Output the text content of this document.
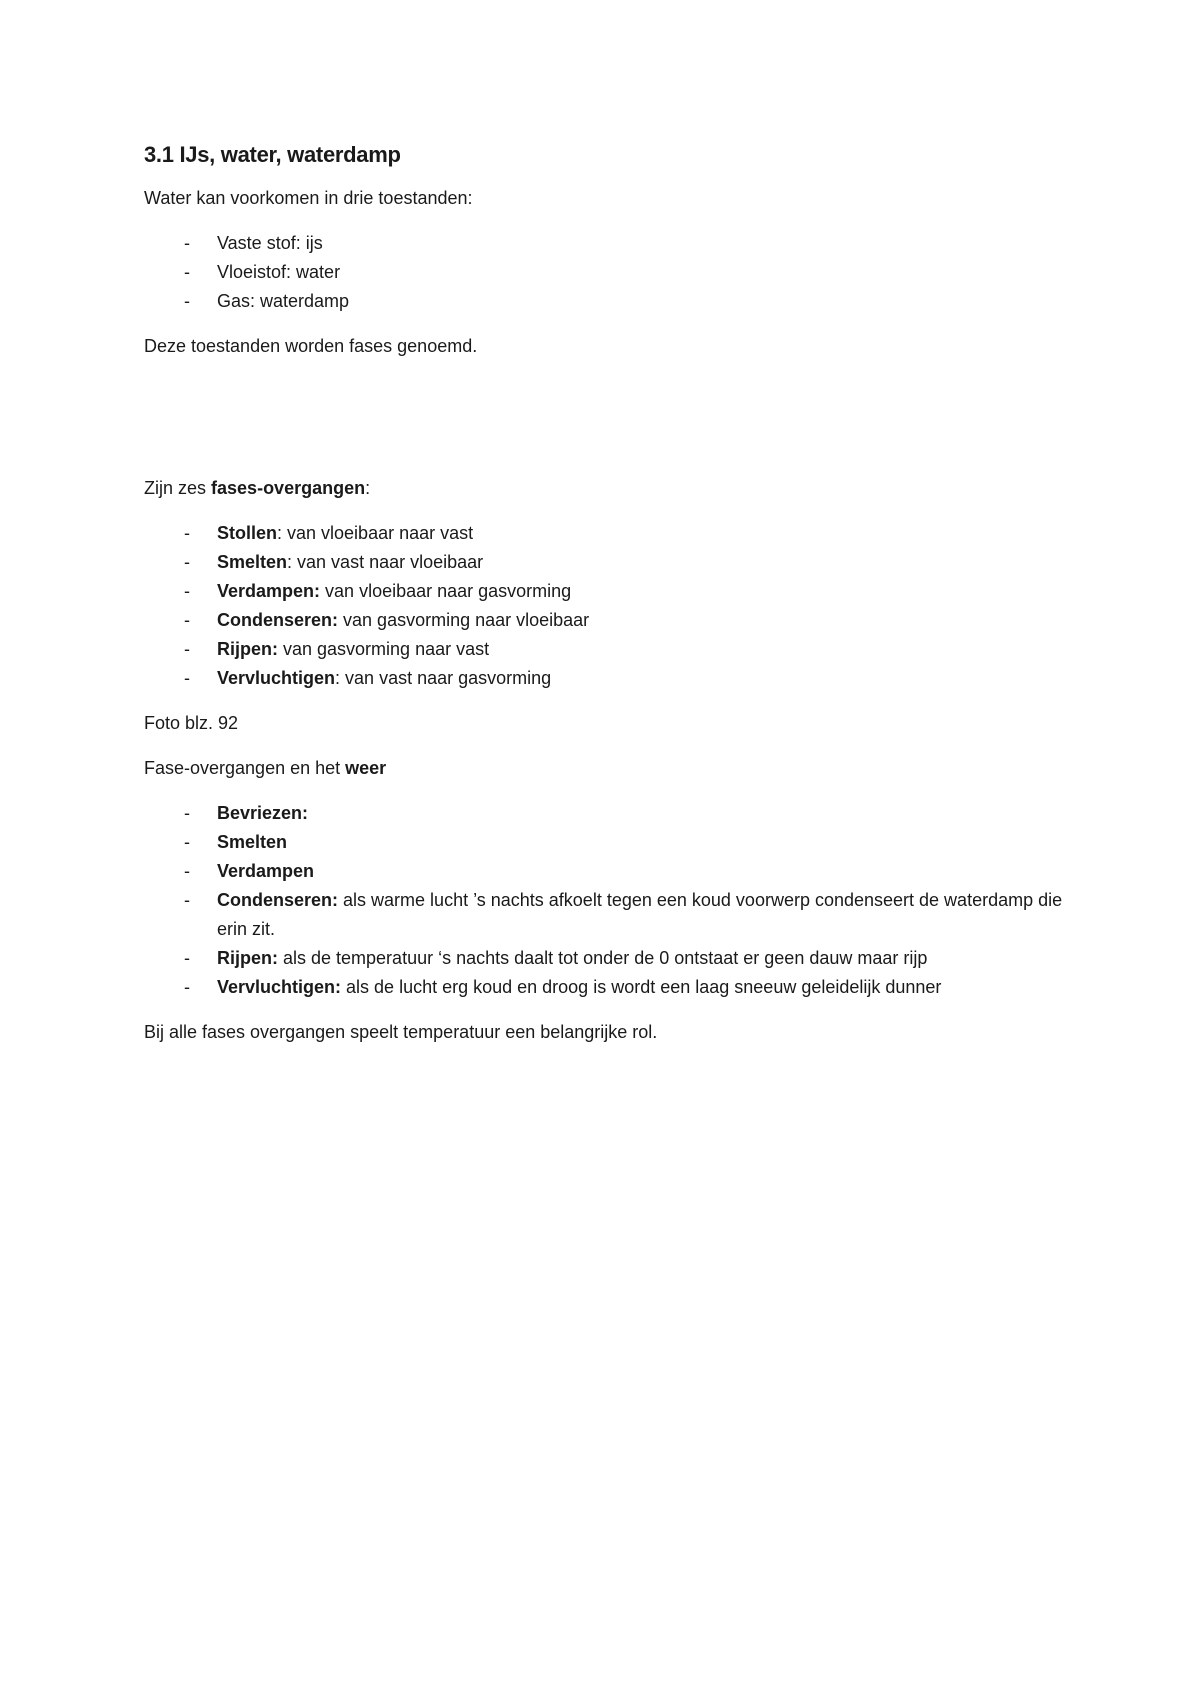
3.1 IJs, water, waterdamp

Water kan voorkomen in drie toestanden:

- Vaste stof: ijs
- Vloeistof: water
- Gas: waterdamp

Deze toestanden worden fases genoemd.

Zijn zes fases-overgangen:

- Stollen: van vloeibaar naar vast
- Smelten: van vast naar vloeibaar
- Verdampen: van vloeibaar naar gasvorming
- Condenseren: van gasvorming naar vloeibaar
- Rijpen: van gasvorming naar vast
- Vervluchtigen: van vast naar gasvorming

Foto blz. 92

Fase-overgangen en het weer

- Bevriezen:
- Smelten
- Verdampen
- Condenseren: als warme lucht ’s nachts afkoelt tegen een koud voorwerp condenseert de waterdamp die erin zit.
- Rijpen: als de temperatuur ‘s nachts daalt tot onder de 0 ontstaat er geen dauw maar rijp
- Vervluchtigen: als de lucht erg koud en droog is wordt een laag sneeuw geleidelijk dunner

Bij alle fases overgangen speelt temperatuur een belangrijke rol.
